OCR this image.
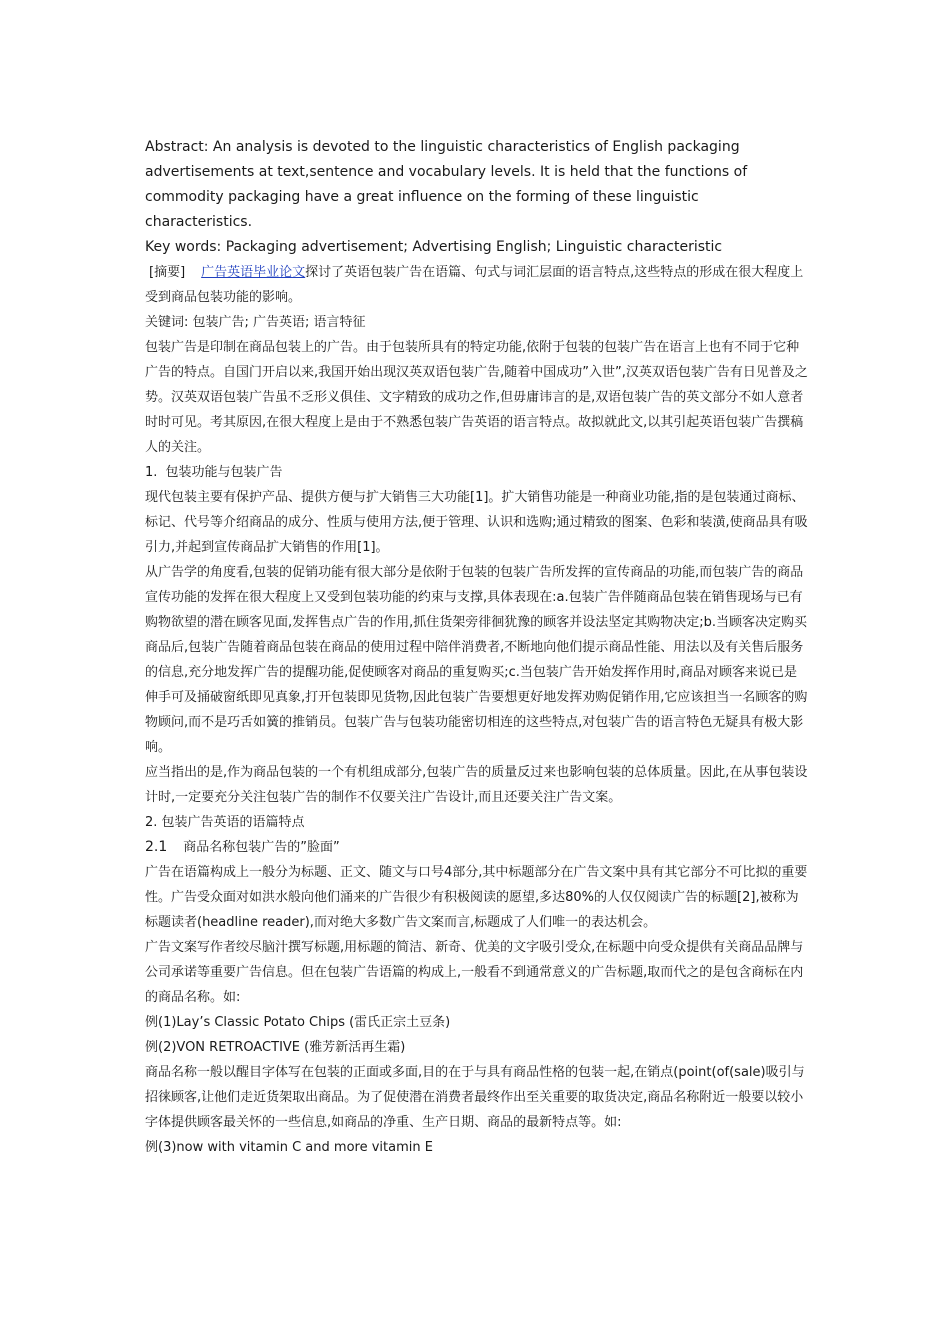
Abstract: An analysis is devoted to the linguistic characteristics of English packaging advertisements at text,sentence and vocabulary levels. It is held that the functions of commodity packaging have a great influence on the forming of these linguistic characteristics.

Key words: Packaging advertisement; Advertising English; Linguistic characteristic

[摘要] 广告英语毕业论文探讨了英语包装广告在语篇、句式与词汇层面的语言特点,这些特点的形成在很大程度上受到商品包装功能的影响。

关键词: 包装广告; 广告英语; 语言特征

包装广告是印制在商品包装上的广告。由于包装所具有的特定功能,依附于包装的包装广告在语言上也有不同于它种广告的特点。自国门开启以来,我国开始出现汉英双语包装广告,随着中国成功”入世”,汉英双语包装广告有日见普及之势。汉英双语包装广告虽不乏形义俱佳、文字精致的成功之作,但毋庸讳言的是,双语包装广告的英文部分不如人意者时时可见。考其原因,在很大程度上是由于不熟悉包装广告英语的语言特点。故拟就此文,以其引起英语包装广告撰稿人的关注。

1. 包装功能与包装广告

现代包装主要有保护产品、提供方便与扩大销售三大功能[1]。扩大销售功能是一种商业功能,指的是包装通过商标、标记、代号等介绍商品的成分、性质与使用方法,便于管理、认识和选购;通过精致的图案、色彩和装潢,使商品具有吸引力,并起到宣传商品扩大销售的作用[1]。

从广告学的角度看,包装的促销功能有很大部分是依附于包装的包装广告所发挥的宣传商品的功能,而包装广告的商品宣传功能的发挥在很大程度上又受到包装功能的约束与支撑,具体表现在:a.包装广告伴随商品包装在销售现场与已有购物欲望的潜在顾客见面,发挥售点广告的作用,抓住货架旁徘徊犹豫的顾客并设法坚定其购物决定;b.当顾客决定购买商品后,包装广告随着商品包装在商品的使用过程中陪伴消费者,不断地向他们提示商品性能、用法以及有关售后服务的信息,充分地发挥广告的提醒功能,促使顾客对商品的重复购买;c.当包装广告开始发挥作用时,商品对顾客来说已是伸手可及捅破窗纸即见真象,打开包装即见货物,因此包装广告要想更好地发挥劝购促销作用,它应该担当一名顾客的购物顾问,而不是巧舌如簧的推销员。包装广告与包装功能密切相连的这些特点,对包装广告的语言特色无疑具有极大影响。

应当指出的是,作为商品包装的一个有机组成部分,包装广告的质量反过来也影响包装的总体质量。因此,在从事包装设计时,一定要充分关注包装广告的制作不仅要关注广告设计,而且还要关注广告文案。

2. 包装广告英语的语篇特点

2.1 商品名称包装广告的”脸面”

广告在语篇构成上一般分为标题、正文、随文与口号4部分,其中标题部分在广告文案中具有其它部分不可比拟的重要性。广告受众面对如洪水般向他们涌来的广告很少有积极阅读的愿望,多达80%的人仅仅阅读广告的标题[2],被称为标题读者(headline reader),而对绝大多数广告文案而言,标题成了人们唯一的表达机会。

广告文案写作者绞尽脑汁撰写标题,用标题的简洁、新奇、优美的文字吸引受众,在标题中向受众提供有关商品品牌与公司承诺等重要广告信息。但在包装广告语篇的构成上,一般看不到通常意义的广告标题,取而代之的是包含商标在内的商品名称。如:

例(1)Lay’s Classic Potato Chips (雷氏正宗土豆条)

例(2)VON RETROACTIVE (雅芳新活再生霜)

商品名称一般以醒目字体写在包装的正面或多面,目的在于与具有商品性格的包装一起,在销点(point(of(sale)吸引与招徕顾客,让他们走近货架取出商品。为了促使潜在消费者最终作出至关重要的取货决定,商品名称附近一般要以较小字体提供顾客最关怀的一些信息,如商品的净重、生产日期、商品的最新特点等。如:

例(3)now with vitamin C and more vitamin E
